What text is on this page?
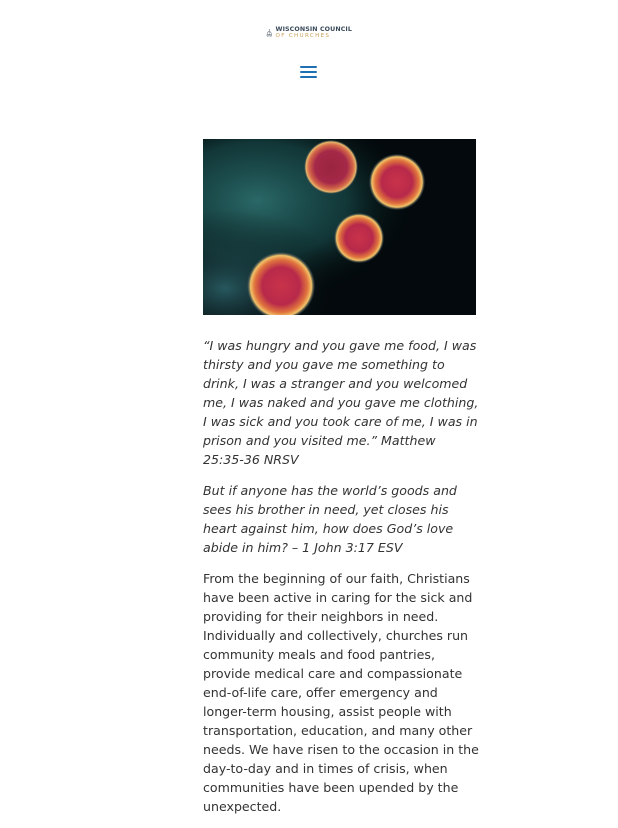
WISCONSIN COUNCIL
OF CHURCHES

“I was hungry and you gave me food, I was thirsty and you gave me something to drink, I was a stranger and you welcomed me, I was naked and you gave me clothing, I was sick and you took care of me, I was in prison and you visited me.” Matthew 25:35-36 NRSV

But if anyone has the world’s goods and sees his brother in need, yet closes his heart against him, how does God’s love abide in him? – 1 John 3:17 ESV

From the beginning of our faith, Christians have been active in caring for the sick and providing for their neighbors in need. Individually and collectively, churches run community meals and food pantries, provide medical care and compassionate end-of-life care, offer emergency and longer-term housing, assist people with transportation, education, and many other needs. We have risen to the occasion in the day-to-day and in times of crisis, when communities have been upended by the unexpected.
